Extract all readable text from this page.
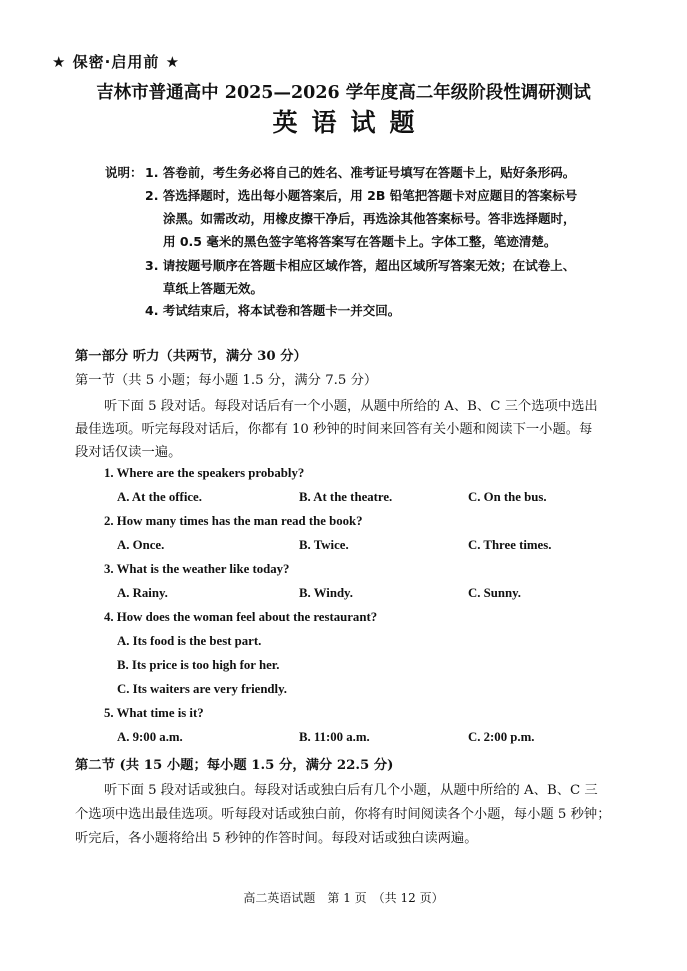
★ 保密·启用前 ★
吉林市普通高中 2025—2026 学年度高二年级阶段性调研测试
英语试题
说明： 1. 答卷前，考生务必将自己的姓名、准考证号填写在答题卡上，贴好条形码。
2. 答选择题时，选出每小题答案后，用 2B 铅笔把答题卡对应题目的答案标号
涂黑。如需改动，用橡皮擦干净后，再选涂其他答案标号。答非选择题时，
用 0.5 毫米的黑色签字笔将答案写在答题卡上。字体工整，笔迹清楚。
3. 请按题号顺序在答题卡相应区域作答，超出区域所写答案无效；在试卷上、
草纸上答题无效。
4. 考试结束后，将本试卷和答题卡一并交回。
第一部分 听力（共两节，满分 30 分）
第一节（共 5 小题；每小题 1.5 分，满分 7.5 分）
听下面 5 段对话。每段对话后有一个小题，从题中所给的 A、B、C 三个选项中选出
最佳选项。听完每段对话后，你都有 10 秒钟的时间来回答有关小题和阅读下一小题。每
段对话仅读一遍。
1. Where are the speakers probably?
A. At the office.	B. At the theatre.	C. On the bus.
2. How many times has the man read the book?
A. Once.	B. Twice.	C. Three times.
3. What is the weather like today?
A. Rainy.	B. Windy.	C. Sunny.
4. How does the woman feel about the restaurant?
A. Its food is the best part.
B. Its price is too high for her.
C. Its waiters are very friendly.
5. What time is it?
A. 9:00 a.m.	B. 11:00 a.m.	C. 2:00 p.m.
第二节 (共 15 小题；每小题 1.5 分，满分 22.5 分)
听下面 5 段对话或独白。每段对话或独白后有几个小题，从题中所给的 A、B、C 三
个选项中选出最佳选项。听每段对话或独白前，你将有时间阅读各个小题，每小题 5 秒钟；
听完后，各小题将给出 5 秒钟的作答时间。每段对话或独白读两遍。
高二英语试题　第 1 页　（共 12 页）
